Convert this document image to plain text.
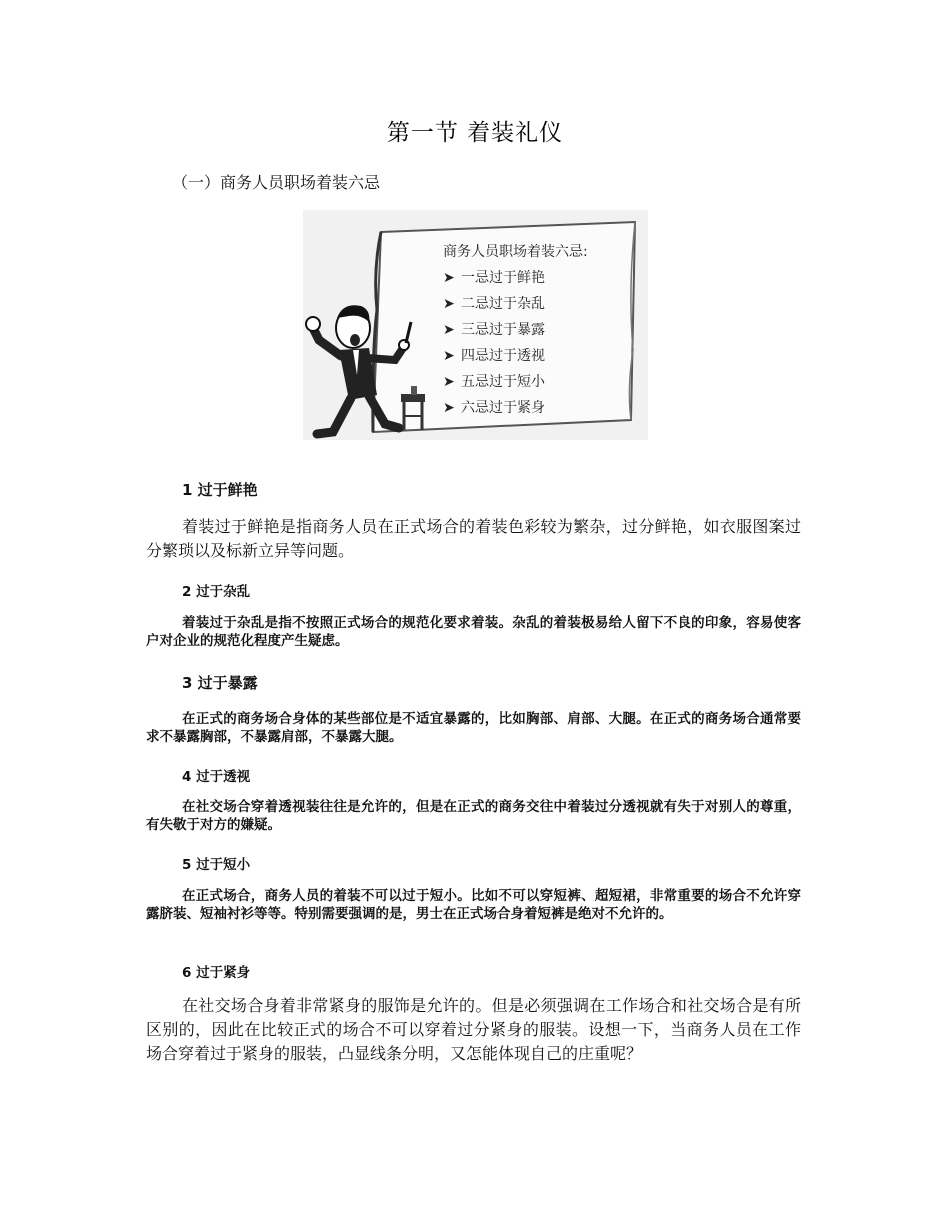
第一节 着装礼仪
（一）商务人员职场着装六忌
商务人员职场着装六忌:
➤ 一忌过于鲜艳
➤ 二忌过于杂乱
➤ 三忌过于暴露
➤ 四忌过于透视
➤ 五忌过于短小
➤ 六忌过于紧身

1 过于鲜艳

着装过于鲜艳是指商务人员在正式场合的着装色彩较为繁杂，过分鲜艳，如衣服图案过分繁琐以及标新立异等问题。

2 过于杂乱

着装过于杂乱是指不按照正式场合的规范化要求着装。杂乱的着装极易给人留下不良的印象，容易使客户对企业的规范化程度产生疑虑。

3 过于暴露

在正式的商务场合身体的某些部位是不适宜暴露的，比如胸部、肩部、大腿。在正式的商务场合通常要求不暴露胸部，不暴露肩部，不暴露大腿。

4 过于透视

在社交场合穿着透视装往往是允许的，但是在正式的商务交往中着装过分透视就有失于对别人的尊重，有失敬于对方的嫌疑。

5 过于短小

在正式场合，商务人员的着装不可以过于短小。比如不可以穿短裤、超短裙，非常重要的场合不允许穿露脐装、短袖衬衫等等。特别需要强调的是，男士在正式场合身着短裤是绝对不允许的。

6 过于紧身

在社交场合身着非常紧身的服饰是允许的。但是必须强调在工作场合和社交场合是有所区别的，因此在比较正式的场合不可以穿着过分紧身的服装。设想一下，当商务人员在工作场合穿着过于紧身的服装，凸显线条分明，又怎能体现自己的庄重呢？
